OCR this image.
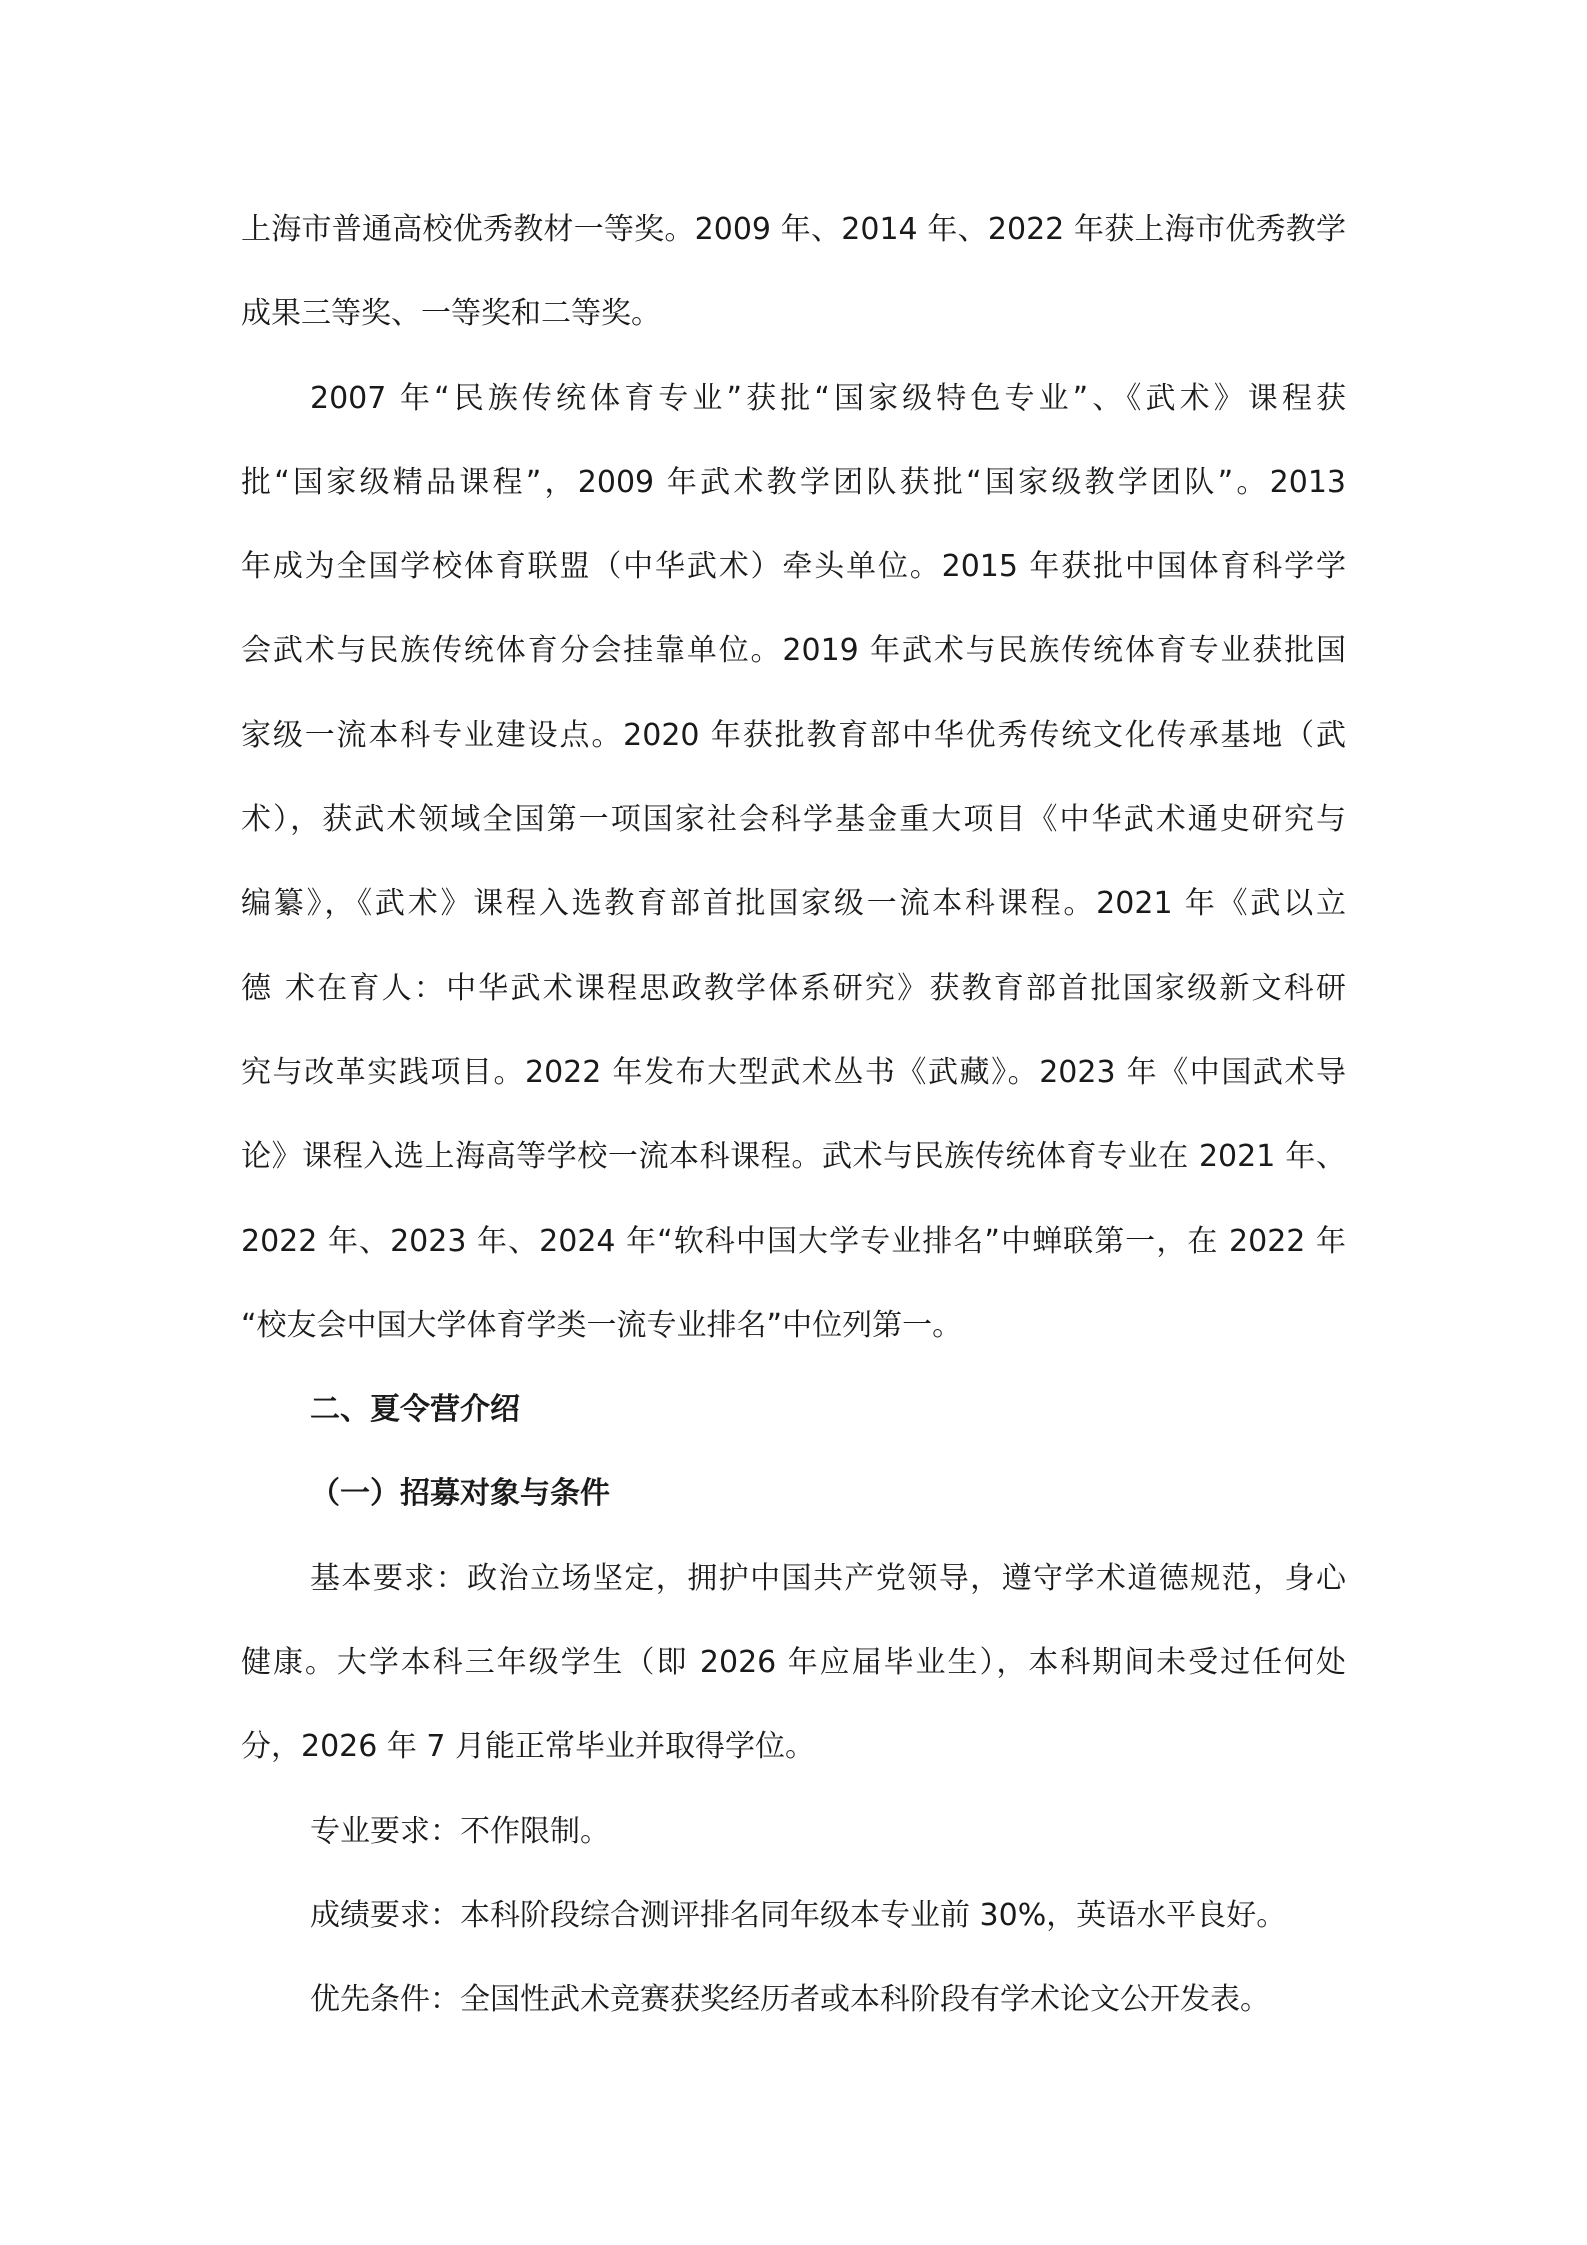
上海市普通高校优秀教材一等奖。2009 年、2014 年、2022 年获上海市优秀教学
成果三等奖、一等奖和二等奖。
2007 年“民族传统体育专业”获批“国家级特色专业”、《武术》课程获
批“国家级精品课程”，2009 年武术教学团队获批“国家级教学团队”。2013
年成为全国学校体育联盟（中华武术）牵头单位。2015 年获批中国体育科学学
会武术与民族传统体育分会挂靠单位。2019 年武术与民族传统体育专业获批国
家级一流本科专业建设点。2020 年获批教育部中华优秀传统文化传承基地（武
术），获武术领域全国第一项国家社会科学基金重大项目《中华武术通史研究与
编纂》，《武术》课程入选教育部首批国家级一流本科课程。2021 年《武以立
德 术在育人：中华武术课程思政教学体系研究》获教育部首批国家级新文科研
究与改革实践项目。2022 年发布大型武术丛书《武藏》。2023 年《中国武术导
论》课程入选上海高等学校一流本科课程。武术与民族传统体育专业在 2021 年、
2022 年、2023 年、2024 年“软科中国大学专业排名”中蝉联第一，在 2022 年
“校友会中国大学体育学类一流专业排名”中位列第一。
二、夏令营介绍
（一）招募对象与条件
基本要求：政治立场坚定，拥护中国共产党领导，遵守学术道德规范，身心
健康。大学本科三年级学生（即 2026 年应届毕业生），本科期间未受过任何处
分，2026 年 7 月能正常毕业并取得学位。
专业要求：不作限制。
成绩要求：本科阶段综合测评排名同年级本专业前 30%，英语水平良好。
优先条件：全国性武术竞赛获奖经历者或本科阶段有学术论文公开发表。
